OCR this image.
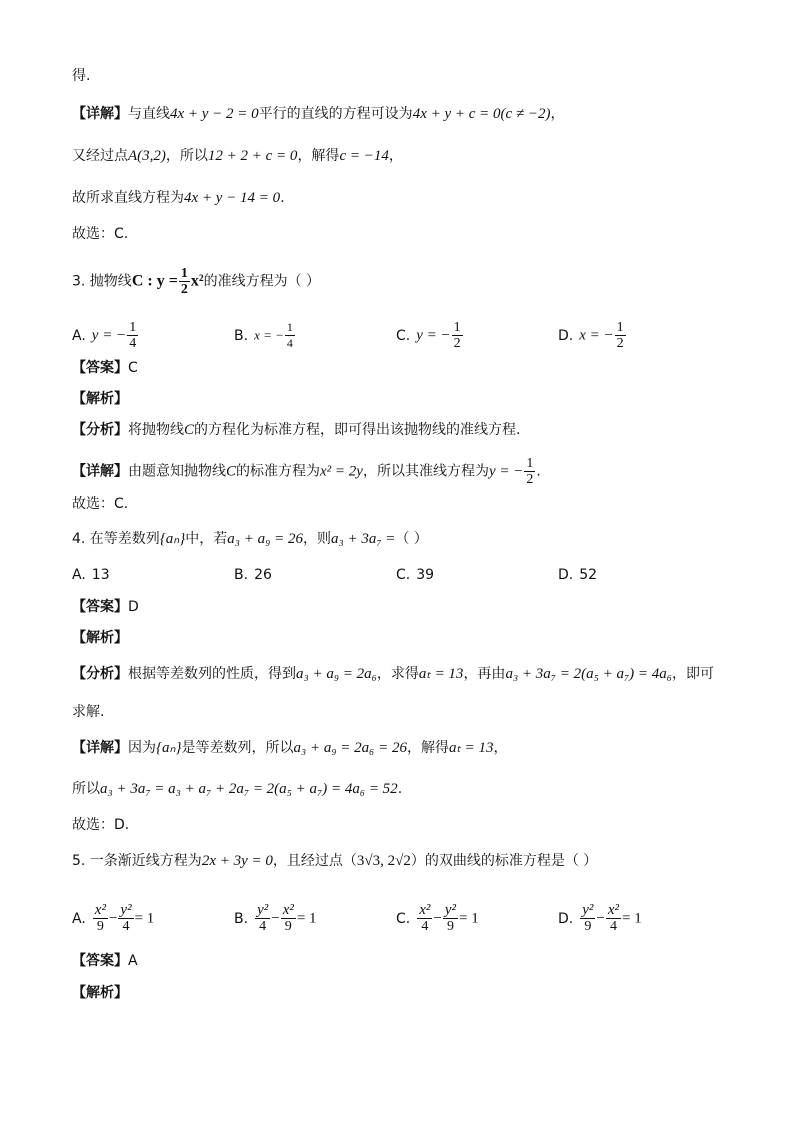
得.
【详解】与直线4x + y − 2 = 0平行的直线的方程可设为4x + y + c = 0(c ≠ −2)，
又经过点A(3,2)，所以12 + 2 + c = 0，解得c = −14，
故所求直线方程为4x + y − 14 = 0.
故选：C.
3. 抛物线C : $y = \frac{1}{2} x^2$的准线方程为（ ）
A. y = − $\frac{1}{4}$	B. x = − $\frac{1}{4}$	C. y = − $\frac{1}{2}$	D. x = − $\frac{1}{2}$
【答案】C
【解析】
【分析】将抛物线C的方程化为标准方程，即可得出该抛物线的准线方程.
【详解】由题意知抛物线C的标准方程为x² = 2y，所以其准线方程为y = − $\frac{1}{2}$ .
故选：C.
4. 在等差数列{aₙ}中，若a₃ + a₉ = 26，则a₃ + 3a₇ =（ ）
A. 13	B. 26	C. 39	D. 52
【答案】D
【解析】
【分析】根据等差数列的性质，得到a₃ + a₉ = 2a₆，求得aₜ = 13，再由a₃ + 3a₇ = 2(a₅ + a₇) = 4a₆，即可
求解.
【详解】因为{aₙ}是等差数列，所以a₃ + a₉ = 2a₆ = 26，解得aₜ = 13，
所以a₃ + 3a₇ = a₃ + a₇ + 2a₇ = 2(a₅ + a₇) = 4a₆ = 52.
故选：D.
5. 一条渐近线方程为2x + 3y = 0，且经过点（3√3, 2√2）的双曲线的标准方程是（ ）
A. $\frac{\text{x²}}{9} - \frac{\text{y²}}{4} = 1$	B. $\frac{\text{y²}}{4} - \frac{\text{x²}}{9} = 1$	C. $\frac{\text{x²}}{4} - \frac{\text{y²}}{9} = 1$	D. $\frac{\text{y²}}{9} - \frac{\text{x²}}{4} = 1$
【答案】A
【解析】
